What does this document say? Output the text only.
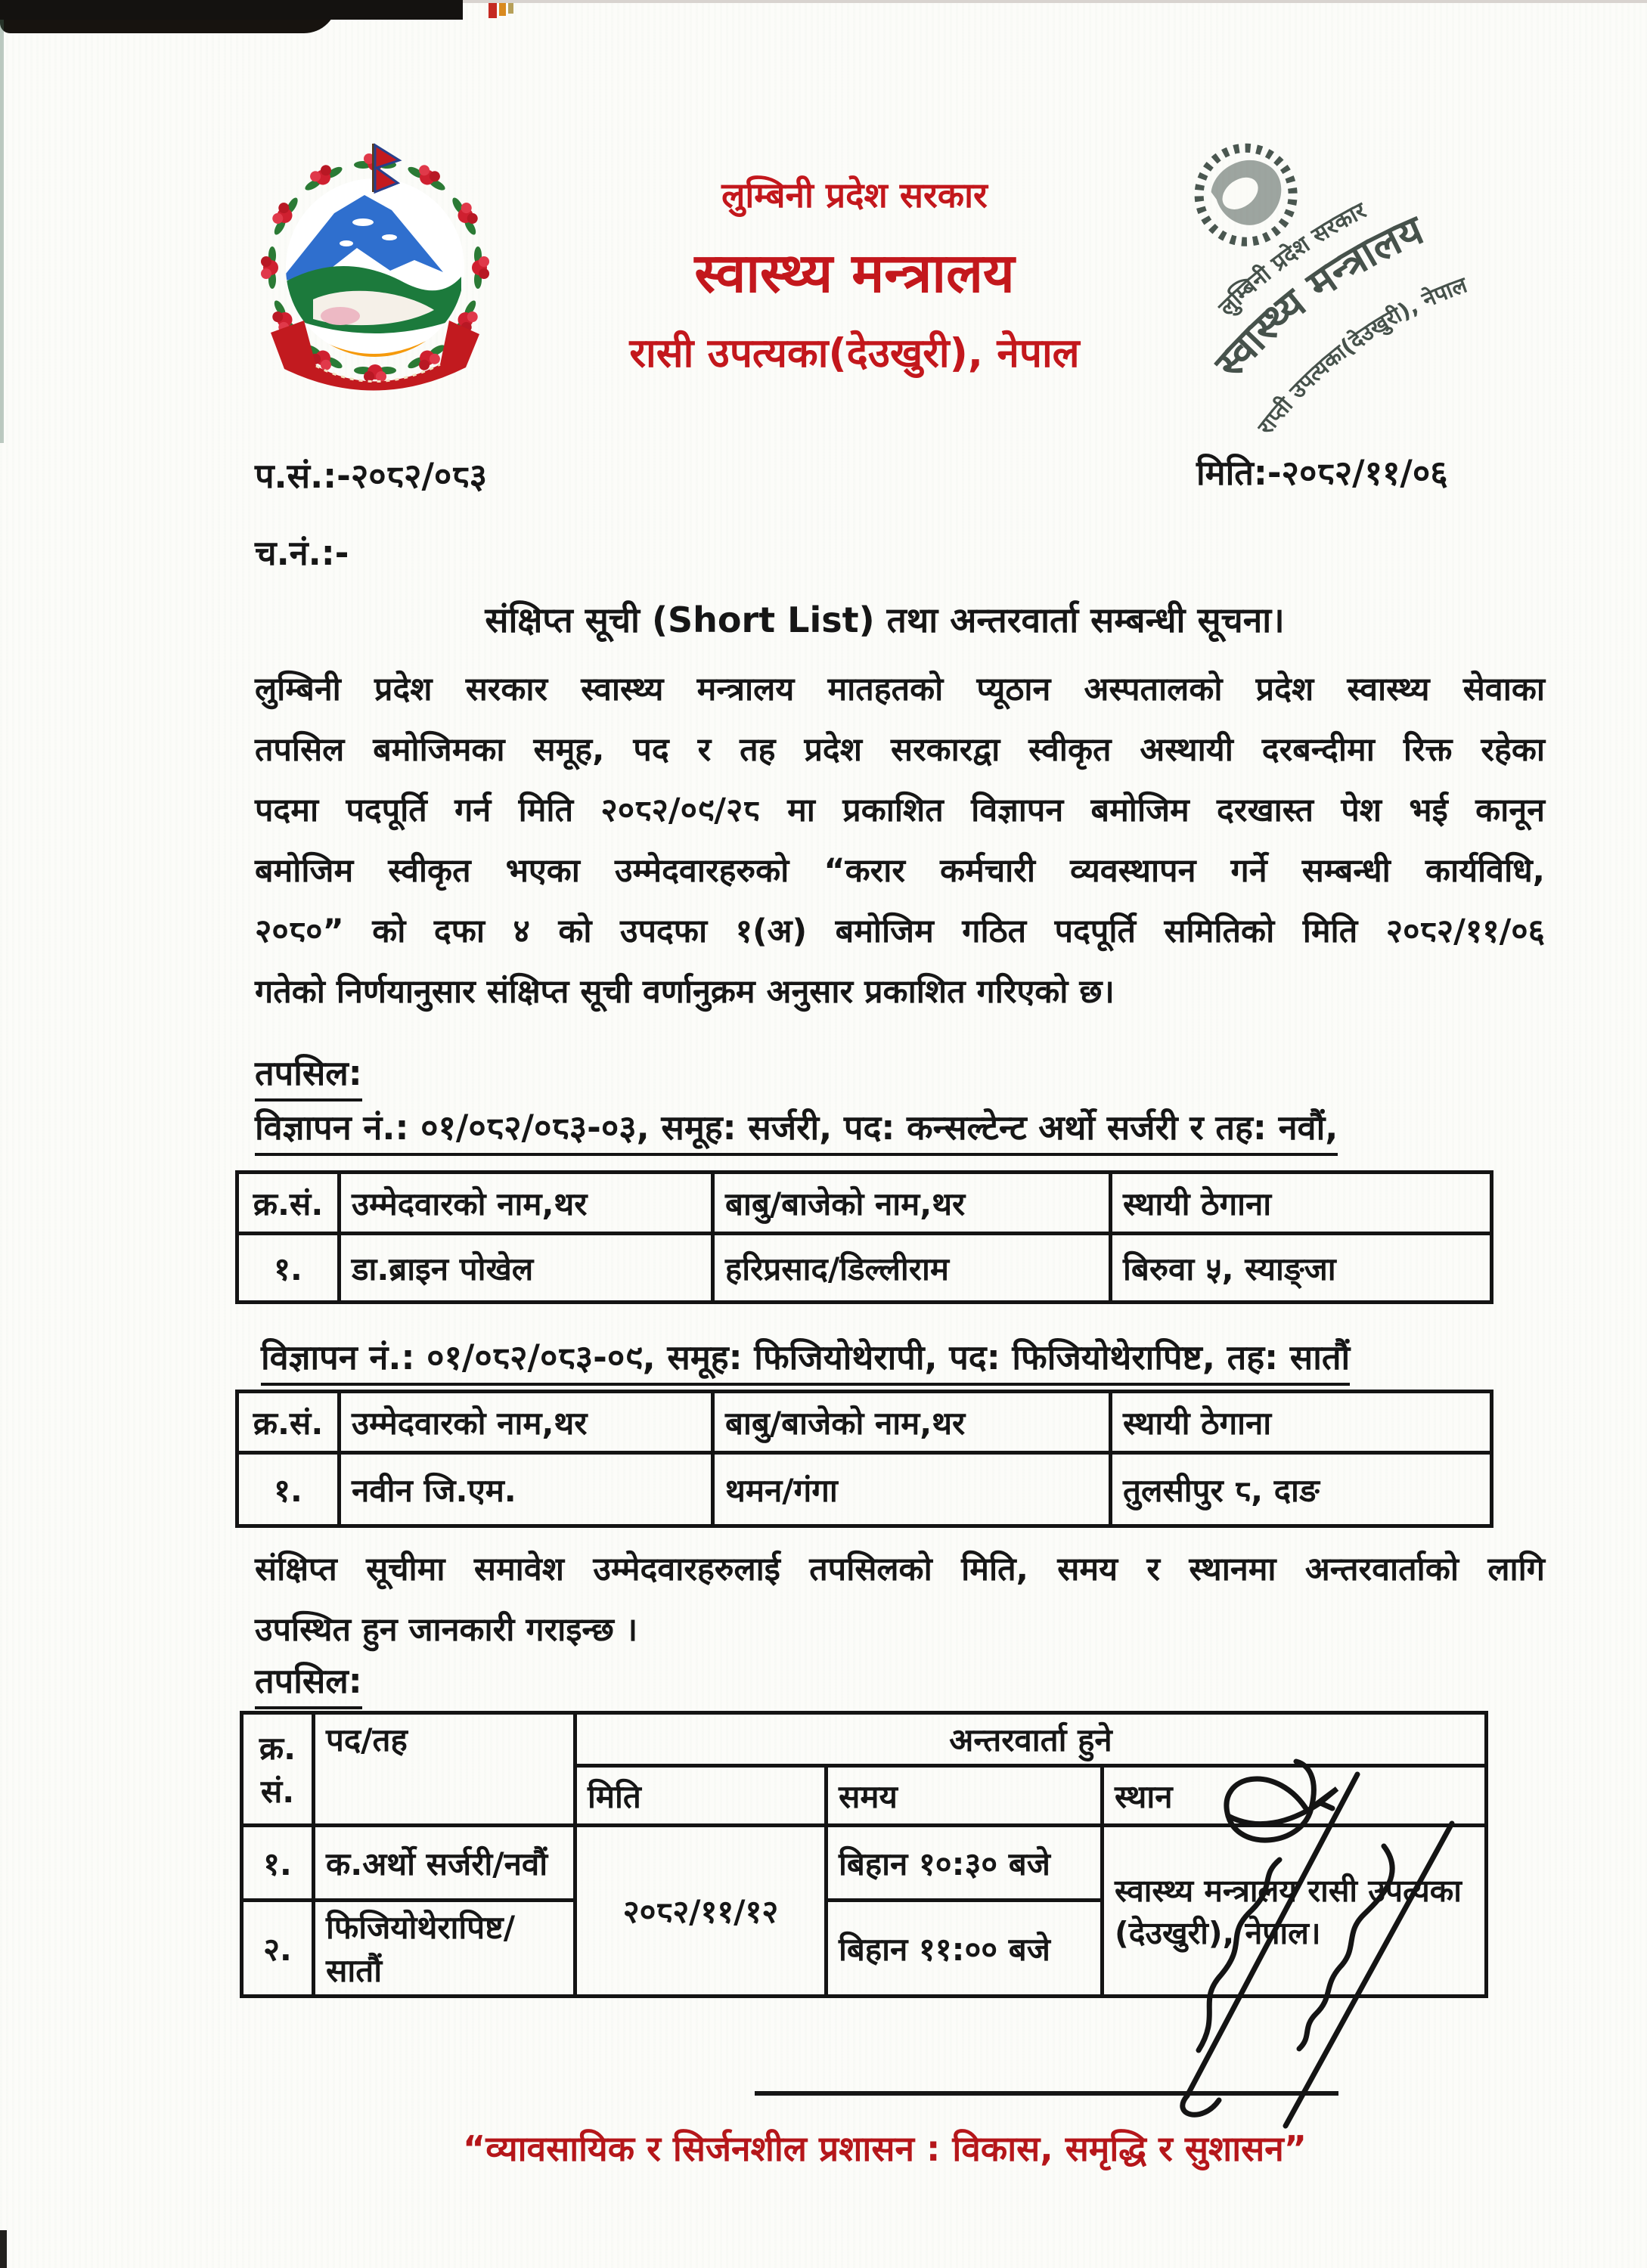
लुम्बिनी प्रदेश सरकार
स्वास्थ्य मन्त्रालय
रासी उपत्यका(देउखुरी), नेपाल
लुम्बिनी प्रदेश सरकार
स्वास्थ्य मन्त्रालय
राप्ती उपत्यका(देउखुरी), नेपाल
प.सं.:-२०८२/०८३	मिति:-२०८२/११/०६
च.नं.:-
संक्षिप्त सूची (Short List) तथा अन्तरवार्ता सम्बन्धी सूचना।
लुम्बिनी प्रदेश सरकार स्वास्थ्य मन्त्रालय मातहतको प्यूठान अस्पतालको प्रदेश स्वास्थ्य सेवाका
तपसिल बमोजिमका समूह, पद र तह प्रदेश सरकारद्वा स्वीकृत अस्थायी दरबन्दीमा रिक्त रहेका
पदमा पदपूर्ति गर्न मिति २०८२/०९/२८ मा प्रकाशित विज्ञापन बमोजिम दरखास्त पेश भई कानून
बमोजिम स्वीकृत भएका उम्मेदवारहरुको “करार कर्मचारी व्यवस्थापन गर्ने सम्बन्धी कार्यविधि,
२०८०” को दफा ४ को उपदफा १(अ) बमोजिम गठित पदपूर्ति समितिको मिति २०८२/११/०६
गतेको निर्णयानुसार संक्षिप्त सूची वर्णानुक्रम अनुसार प्रकाशित गरिएको छ।
तपसिल:
विज्ञापन नं.: ०१/०८२/०८३-०३, समूह: सर्जरी, पद: कन्सल्टेन्ट अर्थो सर्जरी र तह: नवौं,
क्र.सं.	उम्मेदवारको नाम,थर	बाबु/बाजेको नाम,थर	स्थायी ठेगाना
१.	डा.ब्राइन पोखेल	हरिप्रसाद/डिल्लीराम	बिरुवा ५, स्याङ्जा
विज्ञापन नं.: ०१/०८२/०८३-०९, समूह: फिजियोथेरापी, पद: फिजियोथेरापिष्ट, तह: सातौं
क्र.सं.	उम्मेदवारको नाम,थर	बाबु/बाजेको नाम,थर	स्थायी ठेगाना
१.	नवीन जि.एम.	थमन/गंगा	तुलसीपुर ८, दाङ
संक्षिप्त सूचीमा समावेश उम्मेदवारहरुलाई तपसिलको मिति, समय र स्थानमा अन्तरवार्ताको लागि
उपस्थित हुन जानकारी गराइन्छ ।
तपसिल:
क्र.
सं.	पद/तह	अन्तरवार्ता हुने		
		मिति	समय	स्थान
१.	क.अर्थो सर्जरी/नवौं	२०८२/११/१२	बिहान १०:३० बजे	स्वास्थ्य मन्त्रालय रासी उपत्यका (देउखुरी), नेपाल।
२.	फिजियोथेरापिष्ट/सातौं		बिहान ११:०० बजे	
“व्यावसायिक र सिर्जनशील प्रशासन : विकास, समृद्धि र सुशासन”
